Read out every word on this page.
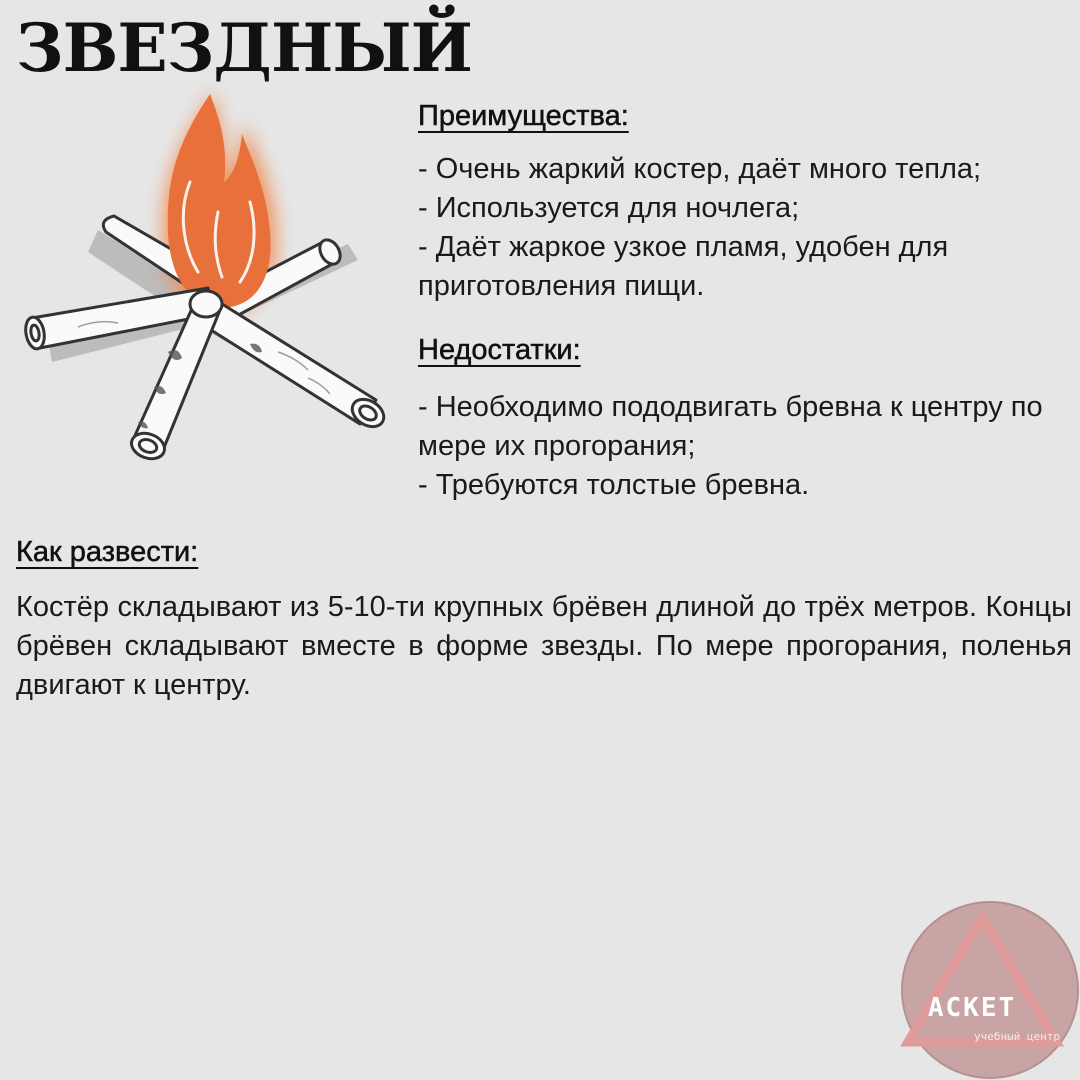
ЗВЕЗДНЫЙ
Преимущества:
- Очень жаркий костер, даёт много тепла;
- Используется для ночлега;
- Даёт жаркое узкое пламя, удобен для приготовления пищи.
Недостатки:
- Необходимо пододвигать бревна к центру по мере их прогорания;
- Требуются толстые бревна.
Как развести:

Костёр складывают из 5-10-ти крупных брёвен длиной до трёх метров. Концы брёвен складывают вместе в форме звезды. По мере прогорания, поленья двигают к центру.

АСКЕТ
учебный центр
